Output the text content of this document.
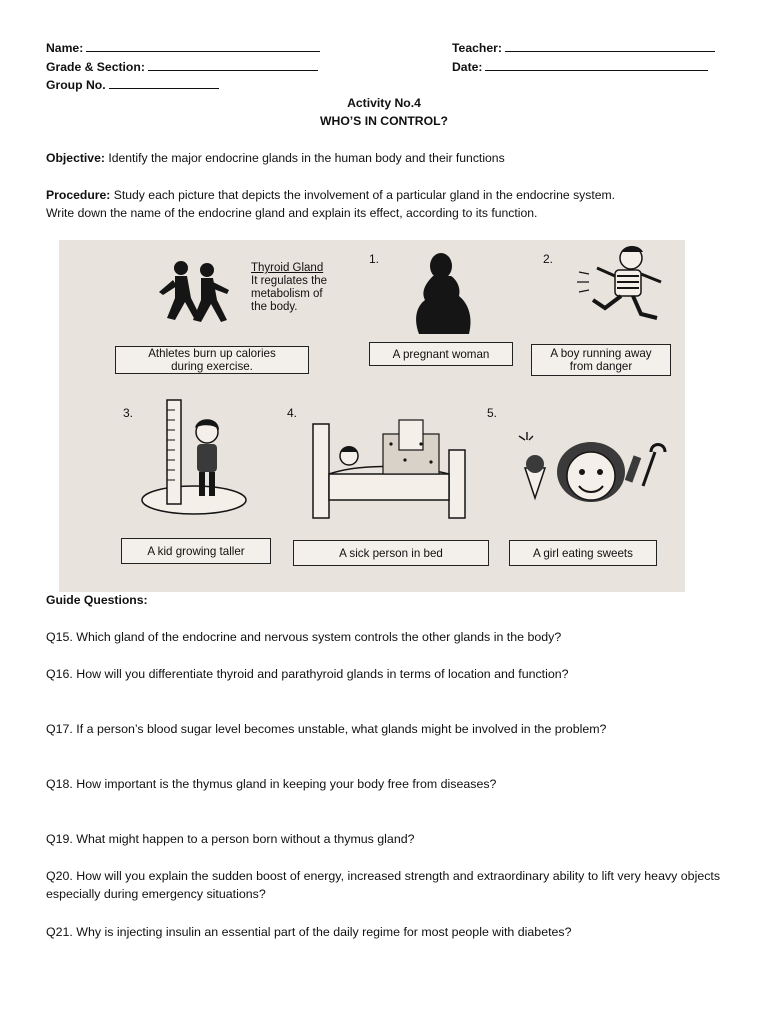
Name:	Teacher:
Grade & Section:	Date:
Group No.
Activity No.4
WHO’S IN CONTROL?
Objective: Identify the major endocrine glands in the human body and their functions
Procedure: Study each picture that depicts the involvement of a particular gland in the endocrine system.
Write down the name of the endocrine gland and explain its effect, according to its function.
Thyroid Gland
It regulates the
metabolism of
the body.
Athletes burn up calories
during exercise.
1.
A pregnant woman
2.
A boy running away
from danger
3.
A kid growing taller
4.
A sick person in bed
5.
A girl eating sweets
Guide Questions:
Q15. Which gland of the endocrine and nervous system controls the other glands in the body?
Q16. How will you differentiate thyroid and parathyroid glands in terms of location and function?
Q17. If a person’s blood sugar level becomes unstable, what glands might be involved in the problem?
Q18. How important is the thymus gland in keeping your body free from diseases?
Q19. What might happen to a person born without a thymus gland?
Q20. How will you explain the sudden boost of energy, increased strength and extraordinary ability to lift very heavy objects especially during emergency situations?
Q21. Why is injecting insulin an essential part of the daily regime for most people with diabetes?
